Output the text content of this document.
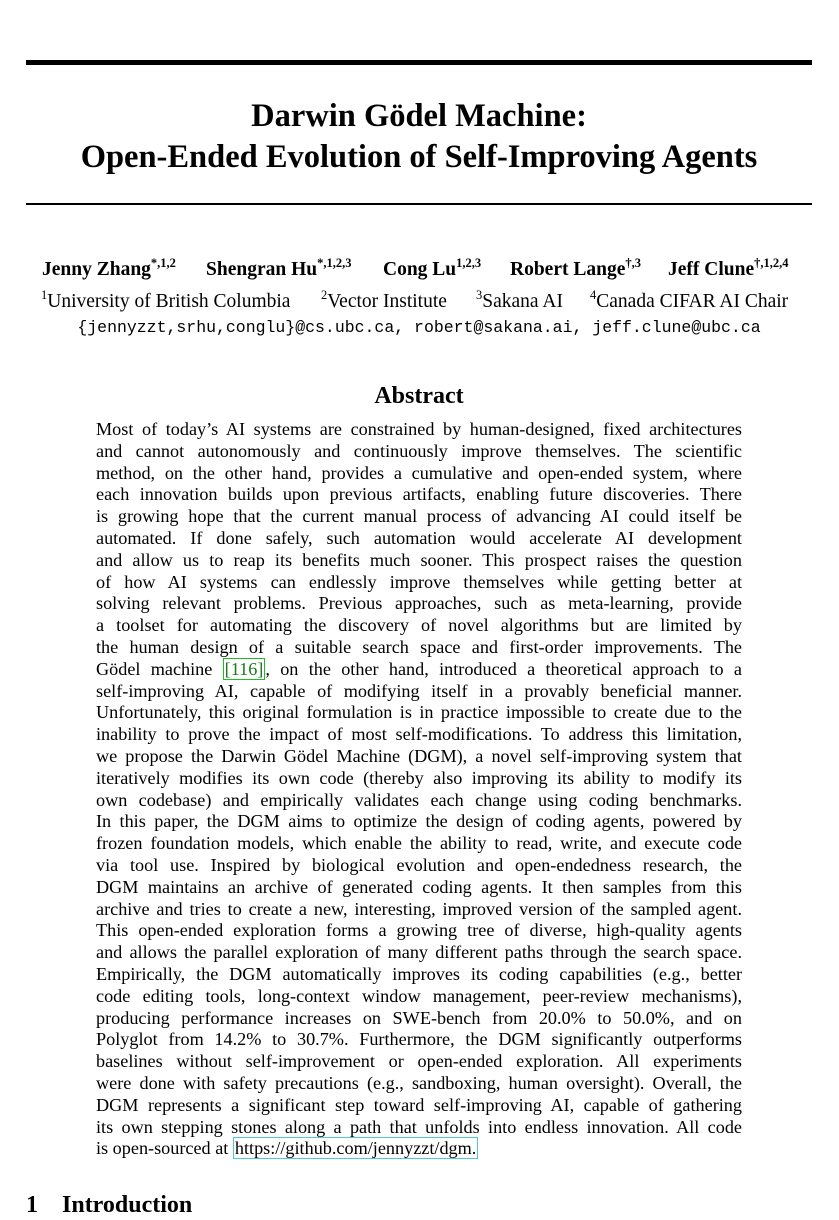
Darwin Gödel Machine:
Open-Ended Evolution of Self-Improving Agents
Jenny Zhang$^{*,1,2}$ Shengran $Hu^{*,1,2,3}$ Cong Lu$^{1,2,3}$ Robert Lange$^{\dagger,3}$ Jeff Clune$^{\dagger,1,2,4}$
$^1$University of British Columbia $^2$Vector Institute $^3$Sakana AI $^4$Canada CIFAR AI Chair
{jennyzzt,srhu,conglu}@cs.ubc.ca, robert@sakana.ai, jeff.clune@ubc.ca
Abstract
Most of today’s AI systems are constrained by human-designed, fixed architectures
and cannot autonomously and continuously improve themselves. The scientific
method, on the other hand, provides a cumulative and open-ended system, where
each innovation builds upon previous artifacts, enabling future discoveries. There
is growing hope that the current manual process of advancing AI could itself be
automated. If done safely, such automation would accelerate AI development
and allow us to reap its benefits much sooner. This prospect raises the question
of how AI systems can endlessly improve themselves while getting better at
solving relevant problems. Previous approaches, such as meta-learning, provide
a toolset for automating the discovery of novel algorithms but are limited by
the human design of a suitable search space and first-order improvements. The
Gödel machine [116] , on the other hand, introduced a theoretical approach to a
self-improving AI, capable of modifying itself in a provably beneficial manner.
Unfortunately, this original formulation is in practice impossible to create due to the
inability to prove the impact of most self-modifications. To address this limitation,
we propose the Darwin Gödel Machine (DGM), a novel self-improving system that
iteratively modifies its own code (thereby also improving its ability to modify its
own codebase) and empirically validates each change using coding benchmarks.
In this paper, the DGM aims to optimize the design of coding agents, powered by
frozen foundation models, which enable the ability to read, write, and execute code
via tool use. Inspired by biological evolution and open-endedness research, the
DGM maintains an archive of generated coding agents. It then samples from this
archive and tries to create a new, interesting, improved version of the sampled agent.
This open-ended exploration forms a growing tree of diverse, high-quality agents
and allows the parallel exploration of many different paths through the search space.
Empirically, the DGM automatically improves its coding capabilities (e.g., better
code editing tools, long-context window management, peer-review mechanisms),
producing performance increases on SWE-bench from 20.0% to 50.0%, and on
Polyglot from 14.2% to 30.7%. Furthermore, the DGM significantly outperforms
baselines without self-improvement or open-ended exploration. All experiments
were done with safety precautions (e.g., sandboxing, human oversight). Overall, the
DGM represents a significant step toward self-improving AI, capable of gathering
its own stepping stones along a path that unfolds into endless innovation. All code
is open-sourced at https://github.com/jennyzzt/dgm.
1 Introduction
